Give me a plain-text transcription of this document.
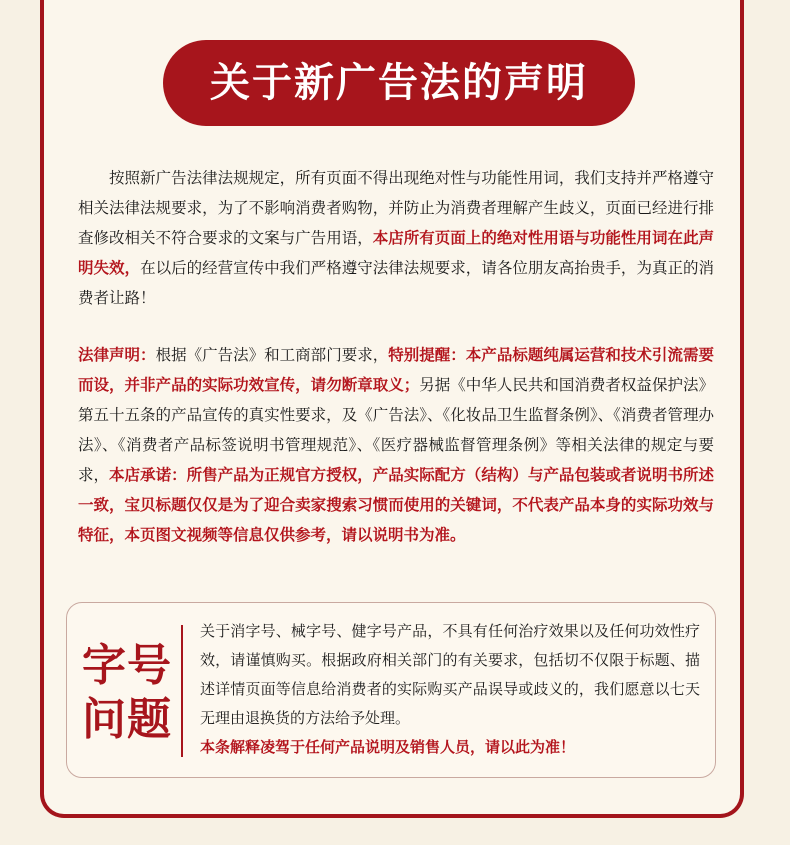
关于新广告法的声明

按照新广告法律法规规定，所有页面不得出现绝对性与功能性用词，我们支持并严格遵守相关法律法规要求，为了不影响消费者购物，并防止为消费者理解产生歧义，页面已经进行排查修改相关不符合要求的文案与广告用语，本店所有页面上的绝对性用语与功能性用词在此声明失效，在以后的经营宣传中我们严格遵守法律法规要求，请各位朋友高抬贵手，为真正的消费者让路！

法律声明：根据《广告法》和工商部门要求，特别提醒：本产品标题纯属运营和技术引流需要而设，并非产品的实际功效宣传，请勿断章取义；另据《中华人民共和国消费者权益保护法》第五十五条的产品宣传的真实性要求，及《广告法》、《化妆品卫生监督条例》、《消费者管理办法》、《消费者产品标签说明书管理规范》、《医疗器械监督管理条例》等相关法律的规定与要求，本店承诺：所售产品为正规官方授权，产品实际配方（结构）与产品包装或者说明书所述一致，宝贝标题仅仅是为了迎合卖家搜索习惯而使用的关键词，不代表产品本身的实际功效与特征，本页图文视频等信息仅供参考，请以说明书为准。

字号
问题

关于消字号、械字号、健字号产品，不具有任何治疗效果以及任何功效性疗效，请谨慎购买。根据政府相关部门的有关要求，包括切不仅限于标题、描述详情页面等信息给消费者的实际购买产品误导或歧义的，我们愿意以七天无理由退换货的方法给予处理。
本条解释凌驾于任何产品说明及销售人员，请以此为准！
